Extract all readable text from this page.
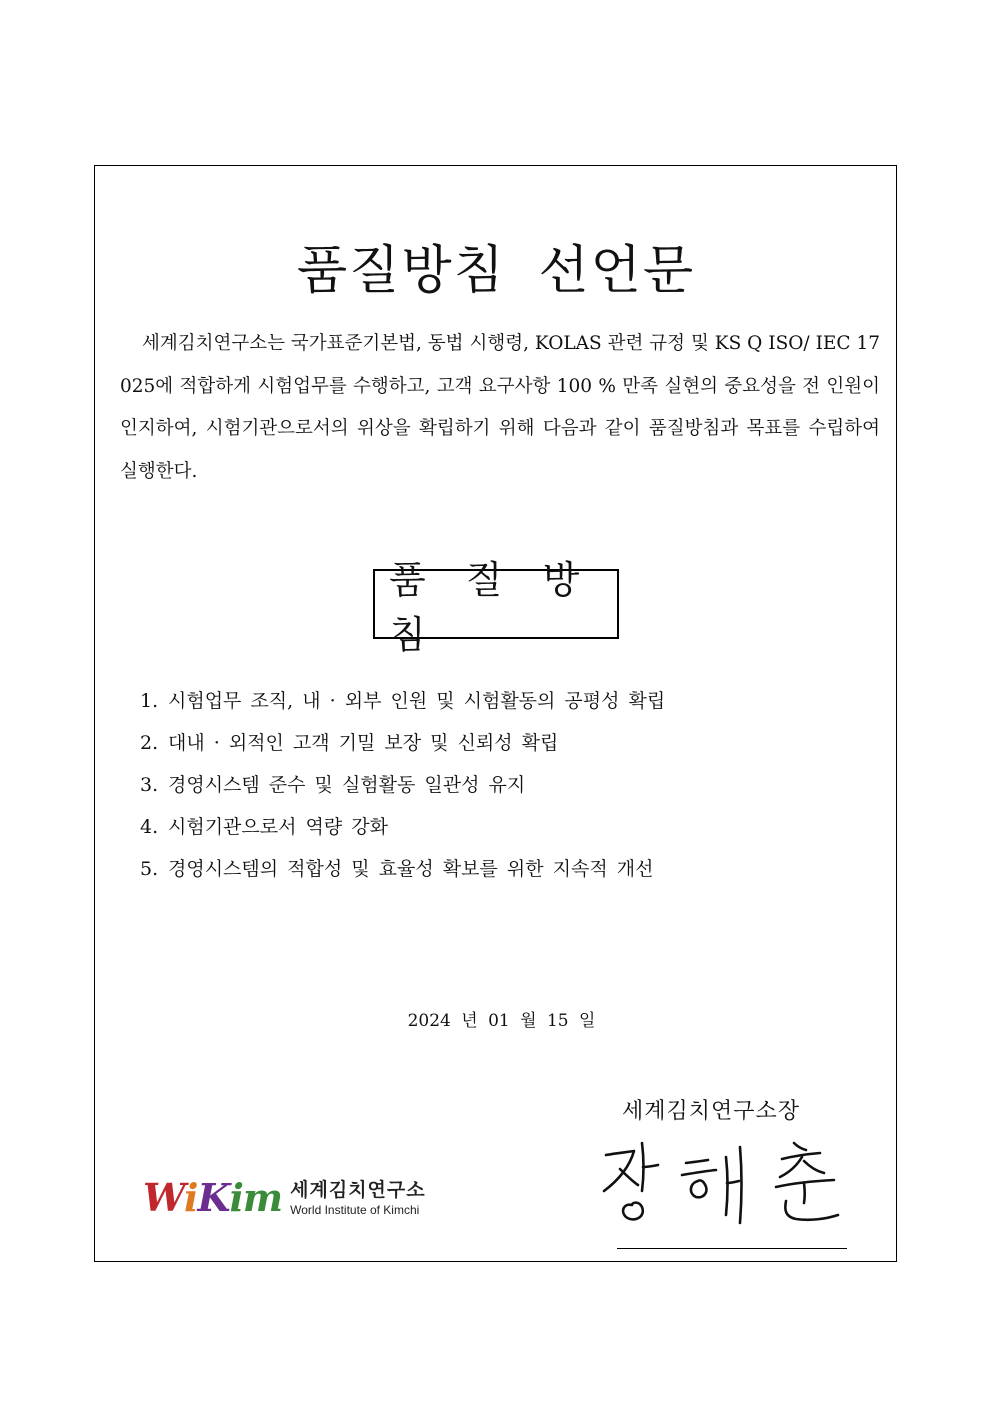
품질방침 선언문

세계김치연구소는 국가표준기본법, 동법 시행령, KOLAS 관련 규정 및 KS Q ISO/ IEC 17025에 적합하게 시험업무를 수행하고, 고객 요구사항 100 % 만족 실현의 중요성을 전 인원이 인지하여, 시험기관으로서의 위상을 확립하기 위해 다음과 같이 품질방침과 목표를 수립하여 실행한다.

품 질 방 침
1. 시험업무 조직, 내 · 외부 인원 및 시험활동의 공평성 확립
2. 대내 · 외적인 고객 기밀 보장 및 신뢰성 확립
3. 경영시스템 준수 및 실험활동 일관성 유지
4. 시험기관으로서 역량 강화
5. 경영시스템의 적합성 및 효율성 확보를 위한 지속적 개선
2024 년 01 월 15 일
세계김치연구소장
장 해 춘
WiKim 세계김치연구소
World Institute of Kimchi
